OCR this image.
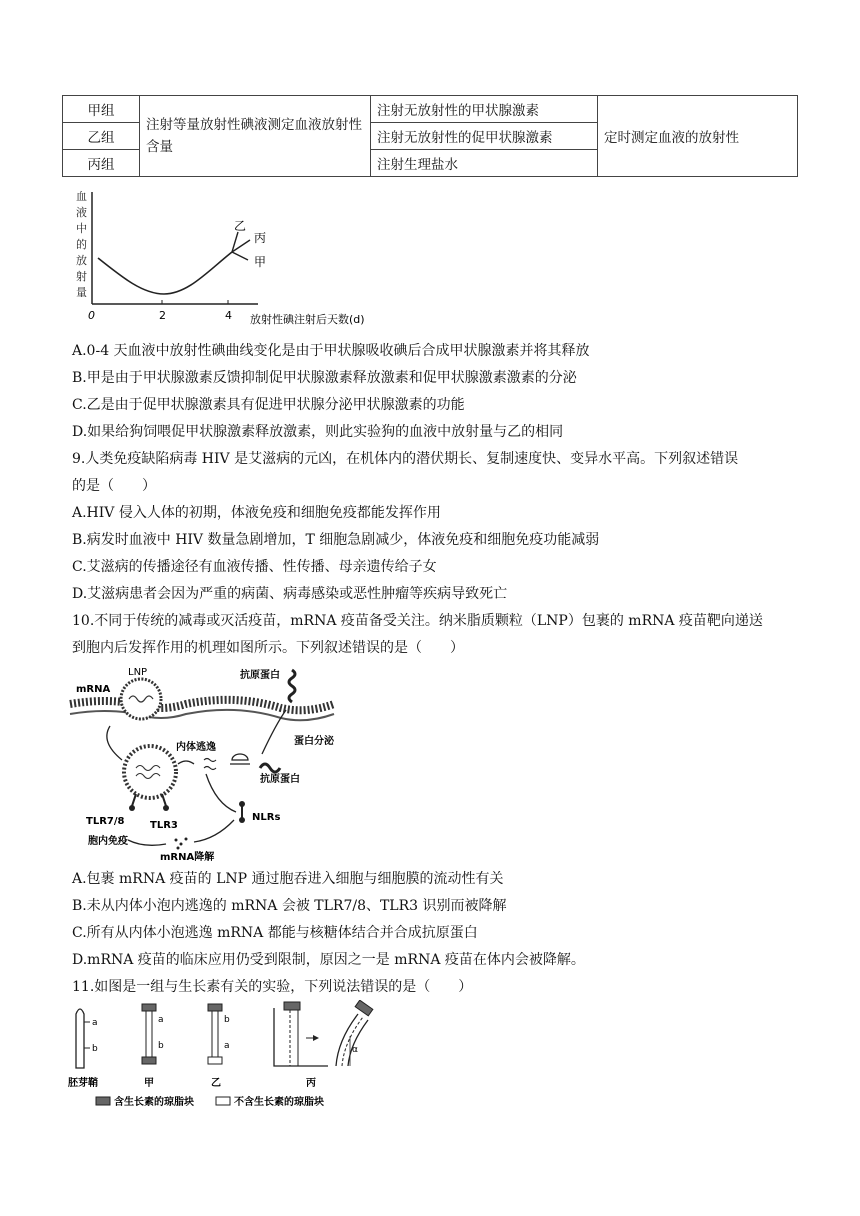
甲组	注射等量放射性碘液测定血液放射性含量	注射无放射性的甲状腺激素	定时测定血液的放射性
乙组		注射无放射性的促甲状腺激素	
丙组		注射生理盐水	
血
液
中
的
放
射
量
0	2	4 放射性碘注射后天数(d)
乙
丙
甲
A.0-4 天血液中放射性碘曲线变化是由于甲状腺吸收碘后合成甲状腺激素并将其释放
B.甲是由于甲状腺激素反馈抑制促甲状腺激素释放激素和促甲状腺激素激素的分泌
C.乙是由于促甲状腺激素具有促进甲状腺分泌甲状腺激素的功能
D.如果给狗饲喂促甲状腺激素释放激素，则此实验狗的血液中放射量与乙的相同
9.人类免疫缺陷病毒 HIV 是艾滋病的元凶，在机体内的潜伏期长、复制速度快、变异水平高。下列叙述错误
的是（　　）
A.HIV 侵入人体的初期，体液免疫和细胞免疫都能发挥作用
B.病发时血液中 HIV 数量急剧增加，T 细胞急剧减少，体液免疫和细胞免疫功能减弱
C.艾滋病的传播途径有血液传播、性传播、母亲遗传给子女
D.艾滋病患者会因为严重的病菌、病毒感染或恶性肿瘤等疾病导致死亡
10.不同于传统的减毒或灭活疫苗，mRNA 疫苗备受关注。纳米脂质颗粒（LNP）包裹的 mRNA 疫苗靶向递送
到胞内后发挥作用的机理如图所示。下列叙述错误的是（　　）
mRNA
LNP	抗原蛋白
内体逃逸
抗原蛋白
蛋白分泌
TLR7/8	TLR3
NLRs
胞内免疫
mRNA降解
A.包裹 mRNA 疫苗的 LNP 通过胞吞进入细胞与细胞膜的流动性有关
B.未从内体小泡内逃逸的 mRNA 会被 TLR7/8、TLR3 识别而被降解
C.所有从内体小泡逃逸 mRNA 都能与核糖体结合并合成抗原蛋白
D.mRNA 疫苗的临床应用仍受到限制，原因之一是 mRNA 疫苗在体内会被降解。
11.如图是一组与生长素有关的实验，下列说法错误的是（　　）
a
b
胚芽鞘
a
b
甲
b
a
乙
α
丙
含生长素的琼脂块	不含生长素的琼脂块
